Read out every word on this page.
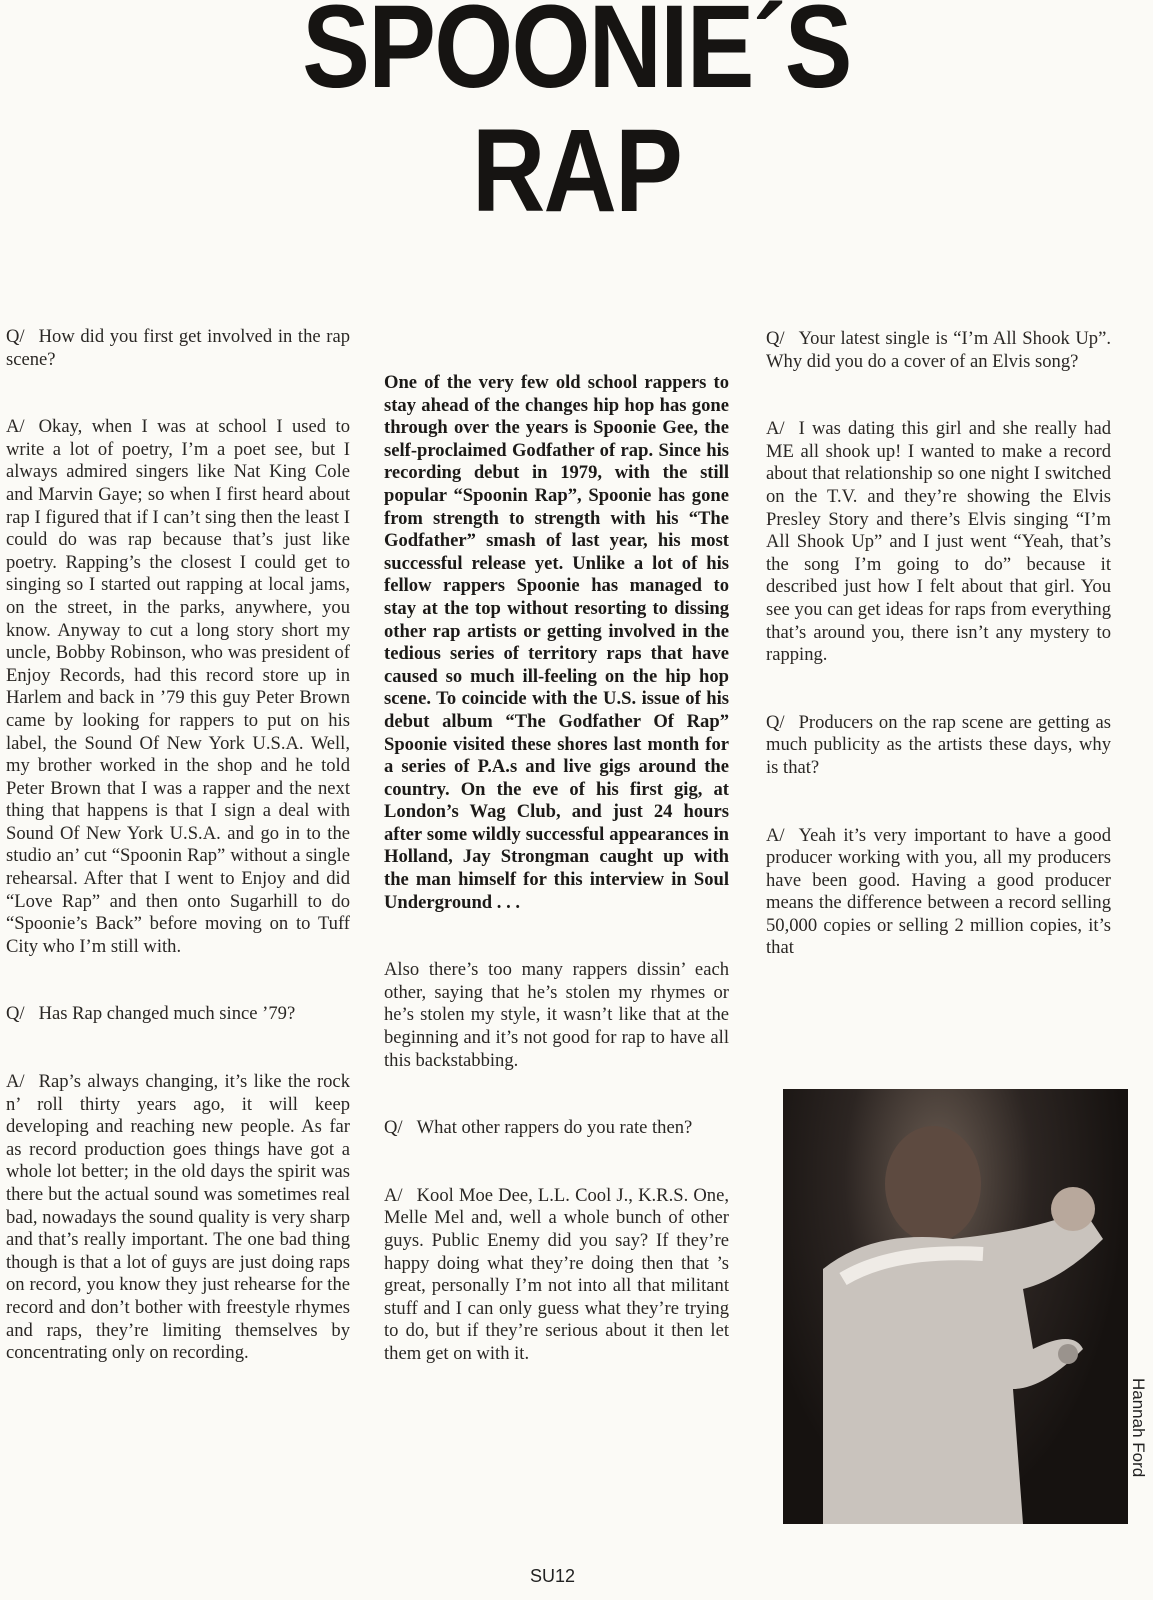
SPOONIE´S
RAP

Q/ How did you first get involved in the rap scene?

A/ Okay, when I was at school I used to write a lot of poetry, I’m a poet see, but I always admired singers like Nat King Cole and Marvin Gaye; so when I first heard about rap I figured that if I can’t sing then the least I could do was rap because that’s just like poetry. Rapping’s the closest I could get to singing so I started out rapping at local jams, on the street, in the parks, anywhere, you know. Anyway to cut a long story short my uncle, Bobby Robinson, who was president of Enjoy Records, had this record store up in Harlem and back in ’79 this guy Peter Brown came by looking for rappers to put on his label, the Sound Of New York U.S.A. Well, my brother worked in the shop and he told Peter Brown that I was a rapper and the next thing that happens is that I sign a deal with Sound Of New York U.S.A. and go in to the studio an’ cut “Spoonin Rap” without a single rehearsal. After that I went to Enjoy and did “Love Rap” and then onto Sugarhill to do “Spoonie’s Back” before moving on to Tuff City who I’m still with.

Q/ Has Rap changed much since ’79?

A/ Rap’s always changing, it’s like the rock n’ roll thirty years ago, it will keep developing and reaching new people. As far as record production goes things have got a whole lot better; in the old days the spirit was there but the actual sound was sometimes real bad, nowadays the sound quality is very sharp and that’s really important. The one bad thing though is that a lot of guys are just doing raps on record, you know they just rehearse for the record and don’t bother with freestyle rhymes and raps, they’re limiting themselves by concentrating only on recording.

One of the very few old school rappers to stay ahead of the changes hip hop has gone through over the years is Spoonie Gee, the self-proclaimed Godfather of rap. Since his recording debut in 1979, with the still popular “Spoonin Rap”, Spoonie has gone from strength to strength with his “The Godfather” smash of last year, his most successful release yet. Unlike a lot of his fellow rappers Spoonie has managed to stay at the top without resorting to dissing other rap artists or getting involved in the tedious series of territory raps that have caused so much ill-feeling on the hip hop scene. To coincide with the U.S. issue of his debut album “The Godfather Of Rap” Spoonie visited these shores last month for a series of P.A.s and live gigs around the country. On the eve of his first gig, at London’s Wag Club, and just 24 hours after some wildly successful appearances in Holland, Jay Strongman caught up with the man himself for this interview in Soul Underground . . .

Also there’s too many rappers dissin’ each other, saying that he’s stolen my rhymes or he’s stolen my style, it wasn’t like that at the beginning and it’s not good for rap to have all this backstabbing.

Q/ What other rappers do you rate then?

A/ Kool Moe Dee, L.L. Cool J., K.R.S. One, Melle Mel and, well a whole bunch of other guys. Public Enemy did you say? If they’re happy doing what they’re doing then that ’s great, personally I’m not into all that militant stuff and I can only guess what they’re trying to do, but if they’re serious about it then let them get on with it.

Q/ Your latest single is “I’m All Shook Up”. Why did you do a cover of an Elvis song?

A/ I was dating this girl and she really had ME all shook up! I wanted to make a record about that relationship so one night I switched on the T.V. and they’re showing the Elvis Presley Story and there’s Elvis singing “I’m All Shook Up” and I just went “Yeah, that’s the song I’m going to do” because it described just how I felt about that girl. You see you can get ideas for raps from everything that’s around you, there isn’t any mystery to rapping.

Q/ Producers on the rap scene are getting as much publicity as the artists these days, why is that?

A/ Yeah it’s very important to have a good producer working with you, all my producers have been good. Having a good producer means the difference between a record selling 50,000 copies or selling 2 million copies, it’s that

Hannah Ford
SU12
